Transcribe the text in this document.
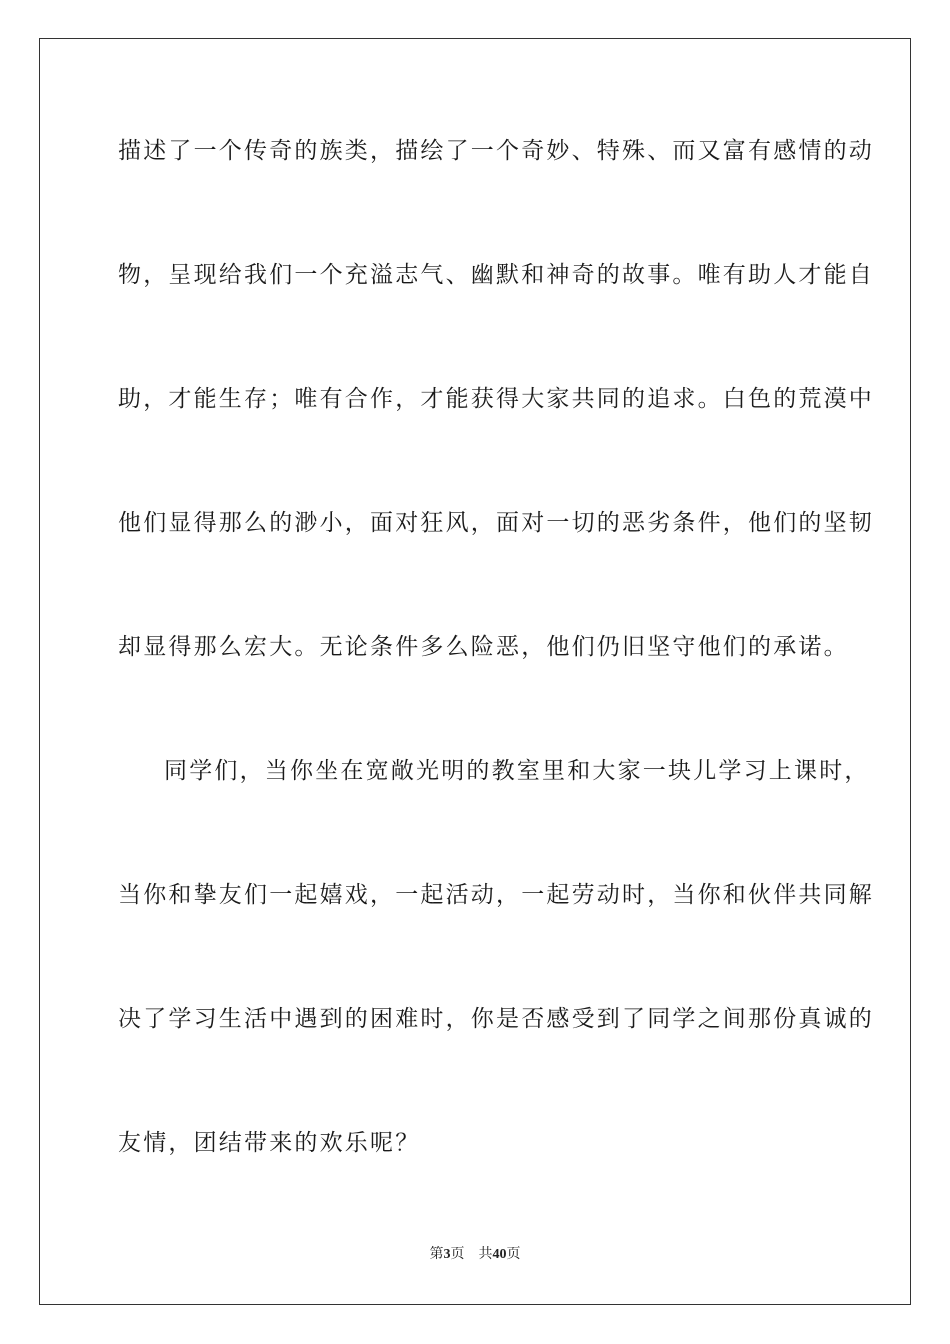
描述了一个传奇的族类，描绘了一个奇妙、特殊、而又富有感情的动
物，呈现给我们一个充溢志气、幽默和神奇的故事。唯有助人才能自
助，才能生存；唯有合作，才能获得大家共同的追求。白色的荒漠中
他们显得那么的渺小，面对狂风，面对一切的恶劣条件，他们的坚韧
却显得那么宏大。无论条件多么险恶，他们仍旧坚守他们的承诺。
同学们，当你坐在宽敞光明的教室里和大家一块儿学习上课时，
当你和挚友们一起嬉戏，一起活动，一起劳动时，当你和伙伴共同解
决了学习生活中遇到的困难时，你是否感受到了同学之间那份真诚的
友情，团结带来的欢乐呢？
第3页 共40页
